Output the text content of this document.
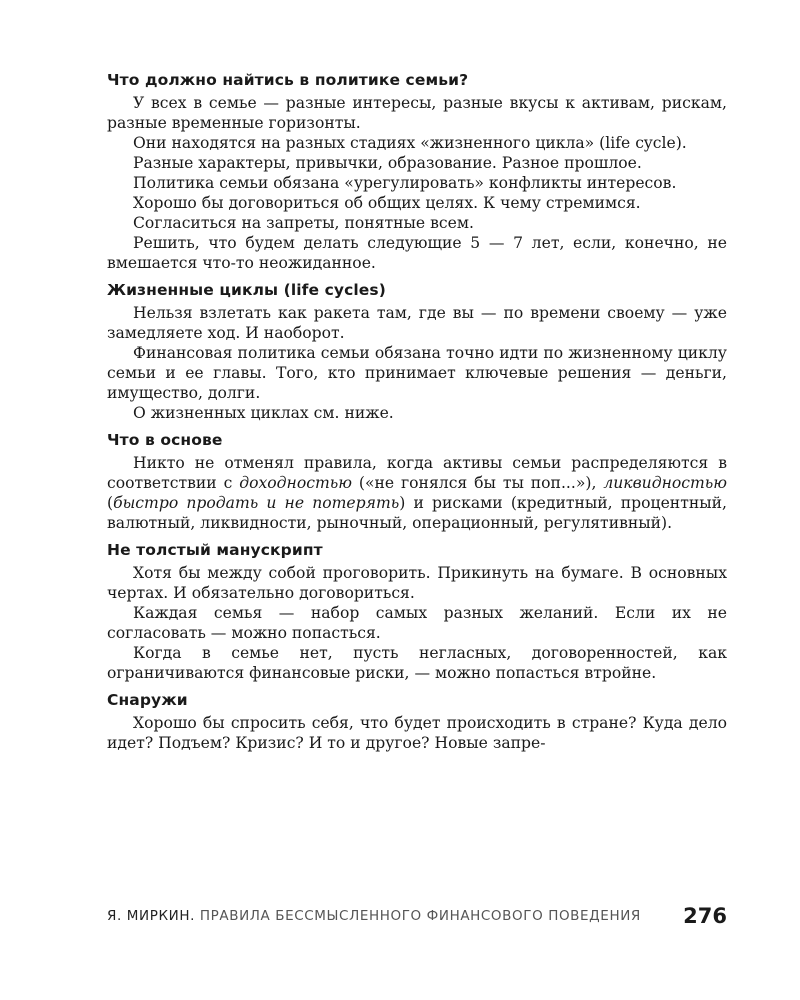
Что должно найтись в политике семьи?

У всех в семье — разные интересы, разные вкусы к активам, рискам, разные временные горизонты.

Они находятся на разных стадиях «жизненного цикла» (life cycle).

Разные характеры, привычки, образование. Разное прошлое.

Политика семьи обязана «урегулировать» конфликты интересов.

Хорошо бы договориться об общих целях. К чему стремимся.

Согласиться на запреты, понятные всем.

Решить, что будем делать следующие 5 — 7 лет, если, конечно, не вмешается что-то неожиданное.

Жизненные циклы (life cycles)

Нельзя взлетать как ракета там, где вы — по времени своему — уже замедляете ход. И наоборот.

Финансовая политика семьи обязана точно идти по жизненному циклу семьи и ее главы. Того, кто принимает ключевые решения — деньги, имущество, долги.

О жизненных циклах см. ниже.

Что в основе

Никто не отменял правила, когда активы семьи распределяются в соответствии с доходностью («не гонялся бы ты поп...»), ликвидностью (быстро продать и не потерять) и рисками (кредитный, процентный, валютный, ликвидности, рыночный, операционный, регулятивный).

Не толстый манускрипт

Хотя бы между собой проговорить. Прикинуть на бумаге. В основных чертах. И обязательно договориться.

Каждая семья — набор самых разных желаний. Если их не согласовать — можно попасться.

Когда в семье нет, пусть негласных, договоренностей, как ограничиваются финансовые риски, — можно попасться втройне.

Снаружи

Хорошо бы спросить себя, что будет происходить в стране? Куда дело идет? Подъем? Кризис? И то и другое? Новые запре-

Я. МИРКИН. ПРАВИЛА БЕССМЫСЛЕННОГО ФИНАНСОВОГО ПОВЕДЕНИЯ 276
